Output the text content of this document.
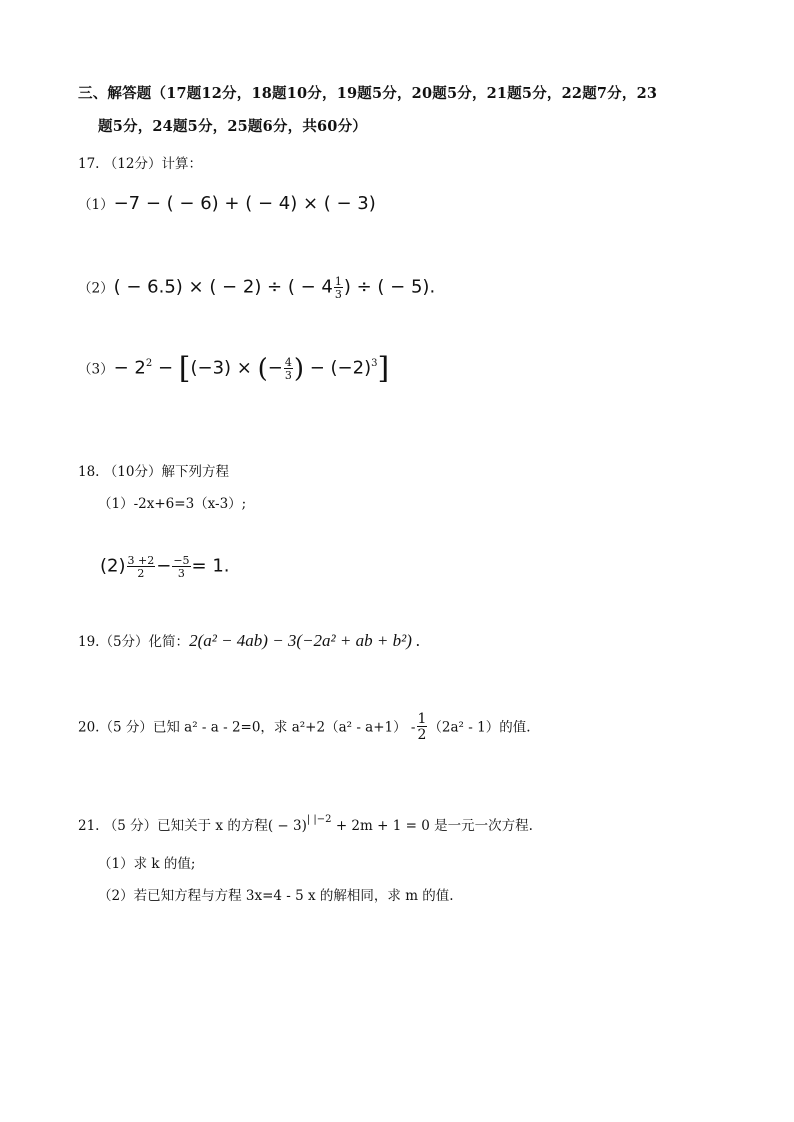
三、解答题（17题12分，18题10分，19题5分，20题5分，21题5分，22题7分，23
题5分，24题5分，25题6分，共60分）
17. （12分）计算：
（1）−7 − ( − 6) + ( − 4) × ( − 3)
（2）( − 6.5) × ( − 2) ÷ ( − $4 \frac{1}{3}$ ) ÷ ( − 5).
$(3)- 2^2 - [(-3)$ × (− $\frac{4}{3}$ ) − $(-2)^3$]
18. （10分）解下列方程
（1）-2x+6=3（x-3）;
$(2) \frac{3 +2}{2} - \frac{-5}{3} = 1$.
19.（5分）化简：2(a² − 4ab) − 3(−2a² + ab + b²) .
20.（5 分）已知 a² - a - 2=0，求 $a^2+2(a^2 - a+1) - \frac{1}{2} (2a^2 - 1)$的值.
21. （5 分）已知关于 x 的方程( − 3)$^{| |-2}$ + 2m + 1 = 0 是一元一次方程.
（1）求 k 的值;
（2）若已知方程与方程 3x=4 - 5 x 的解相同，求 m 的值.
